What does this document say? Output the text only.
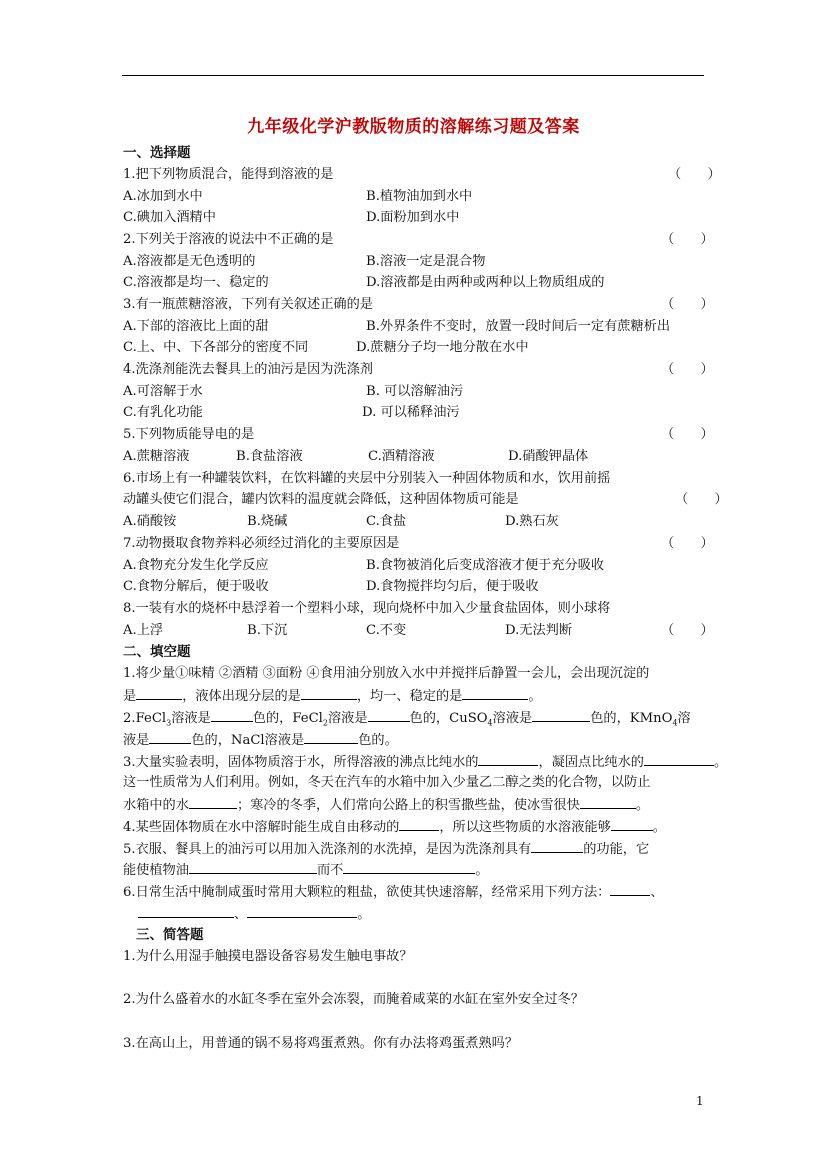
九年级化学沪教版物质的溶解练习题及答案
一、选择题
1.把下列物质混合，能得到溶液的是	（　　）
A.冰加到水中	B.植物油加到水中
C.碘加入酒精中	D.面粉加到水中
2.下列关于溶液的说法中不正确的是	（　　）
A.溶液都是无色透明的	B.溶液一定是混合物
C.溶液都是均一、稳定的	D.溶液都是由两种或两种以上物质组成的
3.有一瓶蔗糖溶液，下列有关叙述正确的是	（　　）
A.下部的溶液比上面的甜	B.外界条件不变时，放置一段时间后一定有蔗糖析出
C.上、中、下各部分的密度不同	D.蔗糖分子均一地分散在水中
4.洗涤剂能洗去餐具上的油污是因为洗涤剂	（　　）
A.可溶解于水	B. 可以溶解油污
C.有乳化功能	D. 可以稀释油污
5.下列物质能导电的是	（　　）
A.蔗糖溶液	B.食盐溶液	C.酒精溶液	D.硝酸钾晶体
6.市场上有一种罐装饮料，在饮料罐的夹层中分别装入一种固体物质和水，饮用前摇
动罐头使它们混合，罐内饮料的温度就会降低，这种固体物质可能是	（　　）
A.硝酸铵	B.烧碱	C.食盐	D.熟石灰
7.动物摄取食物养料必须经过消化的主要原因是	（　　）
A.食物充分发生化学反应	B.食物被消化后变成溶液才便于充分吸收
C.食物分解后，便于吸收	D.食物搅拌均匀后，便于吸收
8.一装有水的烧杯中悬浮着一个塑料小球，现向烧杯中加入少量食盐固体，则小球将
A.上浮	B.下沉	C.不变	D.无法判断	（　　）
二、填空题
1.将少量①味精 ②酒精 ③面粉 ④食用油分别放入水中并搅拌后静置一会儿，会出现沉淀的
是	，液体出现分层的是	，均一、稳定的是	。
2.FeCl$_3$溶液是	色的，FeCl$_2$溶液是	色的，CuSO$_4$溶液是	色的，KMnO$_4$溶
液是	色的，NaCl溶液是	色的。
3.大量实验表明，固体物质溶于水，所得溶液的沸点比纯水的	，凝固点比纯水的	。
这一性质常为人们利用。例如，冬天在汽车的水箱中加入少量乙二醇之类的化合物，以防止
水箱中的水	；寒冷的冬季，人们常向公路上的积雪撒些盐，使冰雪很快	。
4.某些固体物质在水中溶解时能生成自由移动的	，所以这些物质的水溶液能够	。
5.衣服、餐具上的油污可以用加入洗涤剂的水洗掉，是因为洗涤剂具有	的功能，它
能使植物油	而不	。
6.日常生活中腌制咸蛋时常用大颗粒的粗盐，欲使其快速溶解，经常采用下列方法：	、
、	。
三、简答题
1.为什么用湿手触摸电器设备容易发生触电事故？
2.为什么盛着水的水缸冬季在室外会冻裂，而腌着咸菜的水缸在室外安全过冬？
3.在高山上，用普通的锅不易将鸡蛋煮熟。你有办法将鸡蛋煮熟吗？
1
